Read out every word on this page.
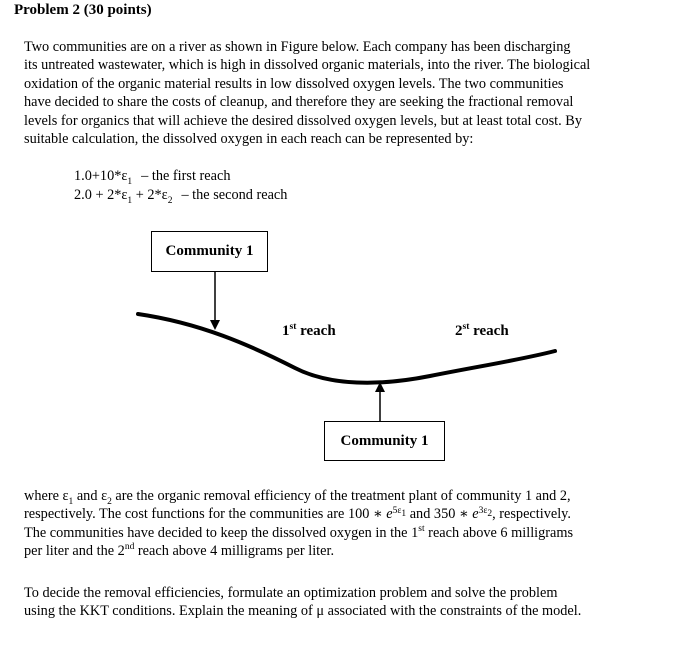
Problem 2 (30 points)
Two communities are on a river as shown in Figure below. Each company has been discharging
its untreated wastewater, which is high in dissolved organic materials, into the river. The biological
oxidation of the organic material results in low dissolved oxygen levels. The two communities
have decided to share the costs of cleanup, and therefore they are seeking the fractional removal
levels for organics that will achieve the desired dissolved oxygen levels, but at least total cost. By
suitable calculation, the dissolved oxygen in each reach can be represented by:
$1.0+10*\varepsilon_1$ – the first reach
$2.0 + 2*\varepsilon_1 + 2*\varepsilon_2$ – the second reach
Community 1
Community 1
1st reach	2st reach
where $\varepsilon_1$ and $\varepsilon_2$ are the organic removal efficiency of the treatment plant of community 1 and 2,
respectively. The cost functions for the communities are 100 ∗ $e^{5\varepsilon_1}$ and 350 ∗ $e^{3\varepsilon_2}$, respectively.
The communities have decided to keep the dissolved oxygen in the 1st reach above 6 milligrams
per liter and the 2nd reach above 4 milligrams per liter.
To decide the removal efficiencies, formulate an optimization problem and solve the problem
using the KKT conditions. Explain the meaning of μ associated with the constraints of the model.
